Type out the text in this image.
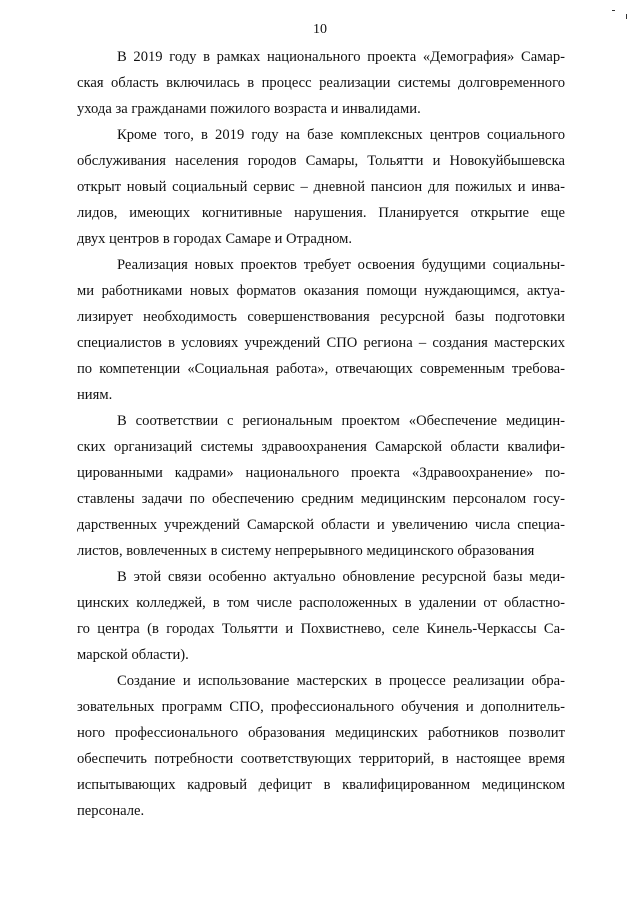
10
В 2019 году в рамках национального проекта «Демография» Самар-
ская область включилась в процесс реализации системы долговременного
ухода за гражданами пожилого возраста и инвалидами.
Кроме того, в 2019 году на базе комплексных центров социального
обслуживания населения городов Самары, Тольятти и Новокуйбышевска
открыт новый социальный сервис – дневной пансион для пожилых и инва-
лидов, имеющих когнитивные нарушения. Планируется открытие еще
двух центров в городах Самаре и Отрадном.
Реализация новых проектов требует освоения будущими социальны-
ми работниками новых форматов оказания помощи нуждающимся, актуа-
лизирует необходимость совершенствования ресурсной базы подготовки
специалистов в условиях учреждений СПО региона – создания мастерских
по компетенции «Социальная работа», отвечающих современным требова-
ниям.
В соответствии с региональным проектом «Обеспечение медицин-
ских организаций системы здравоохранения Самарской области квалифи-
цированными кадрами» национального проекта «Здравоохранение» по-
ставлены задачи по обеспечению средним медицинским персоналом госу-
дарственных учреждений Самарской области и увеличению числа специа-
листов, вовлеченных в систему непрерывного медицинского образования
В этой связи особенно актуально обновление ресурсной базы меди-
цинских колледжей, в том числе расположенных в удалении от областно-
го центра (в городах Тольятти и Похвистнево, селе Кинель-Черкассы Са-
марской области).
Создание и использование мастерских в процессе реализации обра-
зовательных программ СПО, профессионального обучения и дополнитель-
ного профессионального образования медицинских работников позволит
обеспечить потребности соответствующих территорий, в настоящее время
испытывающих кадровый дефицит в квалифицированном медицинском
персонале.
